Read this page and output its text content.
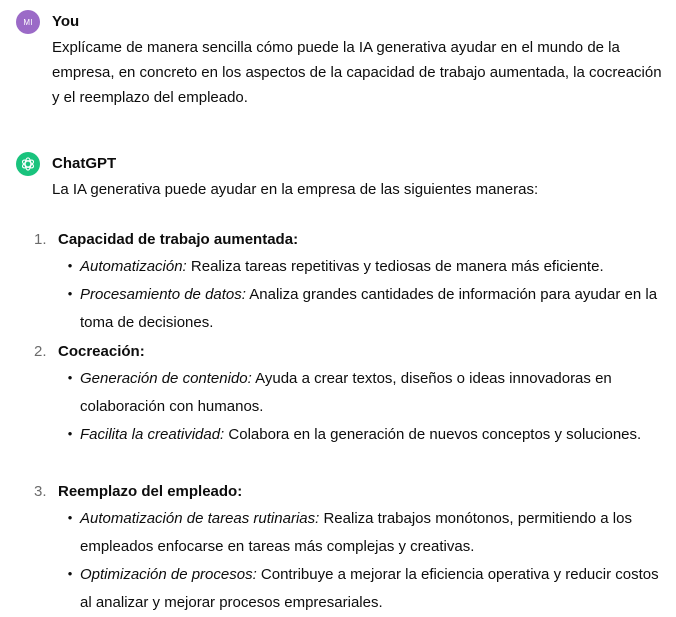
MI You
Explícame de manera sencilla cómo puede la IA generativa ayudar en el mundo de la empresa, en concreto en los aspectos de la capacidad de trabajo aumentada, la cocreación y el reemplazo del empleado.
ChatGPT
La IA generativa puede ayudar en la empresa de las siguientes maneras:
1. Capacidad de trabajo aumentada:
• Automatización: Realiza tareas repetitivas y tediosas de manera más eficiente.
• Procesamiento de datos: Analiza grandes cantidades de información para ayudar en la toma de decisiones.
2. Cocreación:
• Generación de contenido: Ayuda a crear textos, diseños o ideas innovadoras en colaboración con humanos.
• Facilita la creatividad: Colabora en la generación de nuevos conceptos y soluciones.
3. Reemplazo del empleado:
• Automatización de tareas rutinarias: Realiza trabajos monótonos, permitiendo a los empleados enfocarse en tareas más complejas y creativas.
• Optimización de procesos: Contribuye a mejorar la eficiencia operativa y reducir costos al analizar y mejorar procesos empresariales.
